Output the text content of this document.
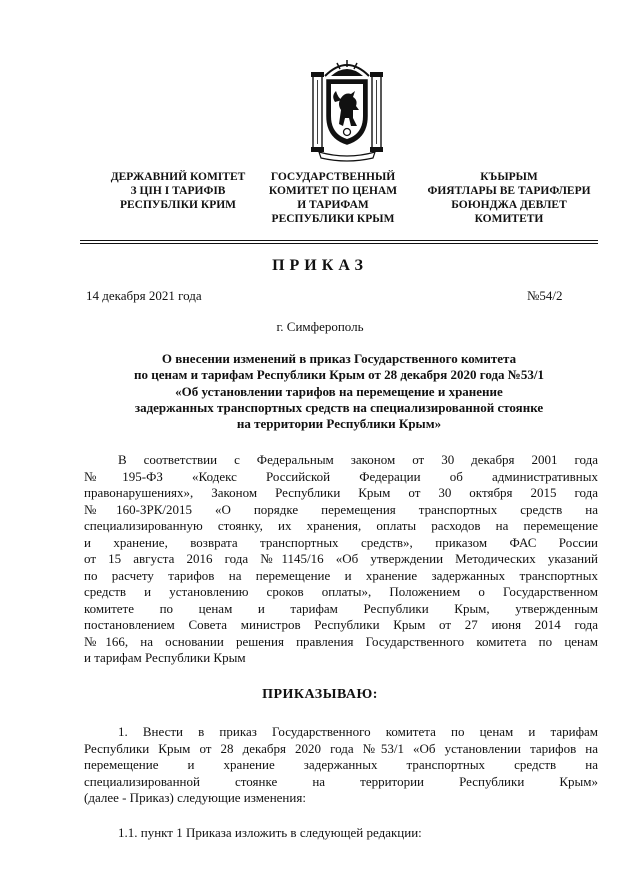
ДЕРЖАВНИЙ КОМІТЕТ
З ЦІН І ТАРИФІВ
РЕСПУБЛІКИ КРИМ
ГОСУДАРСТВЕННЫЙ
КОМИТЕТ ПО ЦЕНАМ
И ТАРИФАМ
РЕСПУБЛИКИ КРЫМ
КЪЫРЫМ
ФИЯТЛАРЫ ВЕ ТАРИФЛЕРИ
БОЮНДЖА ДЕВЛЕТ
КОМИТЕТИ
ПРИКАЗ
14 декабря 2021 года	№54/2
г. Симферополь
О внесении изменений в приказ Государственного комитета
по ценам и тарифам Республики Крым от 28 декабря 2020 года №53/1
«Об установлении тарифов на перемещение и хранение
задержанных транспортных средств на специализированной стоянке
на территории Республики Крым»
В соответствии с Федеральным законом от 30 декабря 2001 года
№195-ФЗ «Кодекс Российской Федерации об административных
правонарушениях», Законом Республики Крым от 30 октября 2015 года
№160-ЗРК/2015 «О порядке перемещения транспортных средств на
специализированную стоянку, их хранения, оплаты расходов на перемещение
и хранение, возврата транспортных средств», приказом ФАС России
от 15 августа 2016 года №1145/16 «Об утверждении Методических указаний
по расчету тарифов на перемещение и хранение задержанных транспортных
средств и установлению сроков оплаты», Положением о Государственном
комитете по ценам и тарифам Республики Крым, утвержденным
постановлением Совета министров Республики Крым от 27 июня 2014 года
№166, на основании решения правления Государственного комитета по ценам
и тарифам Республики Крым
ПРИКАЗЫВАЮ:
1. Внести в приказ Государственного комитета по ценам и тарифам
Республики Крым от 28 декабря 2020 года №53/1 «Об установлении тарифов на
перемещение и хранение задержанных транспортных средств на
специализированной стоянке на территории Республики Крым»
(далее - Приказ) следующие изменения:
1.1. пункт 1 Приказа изложить в следующей редакции:
